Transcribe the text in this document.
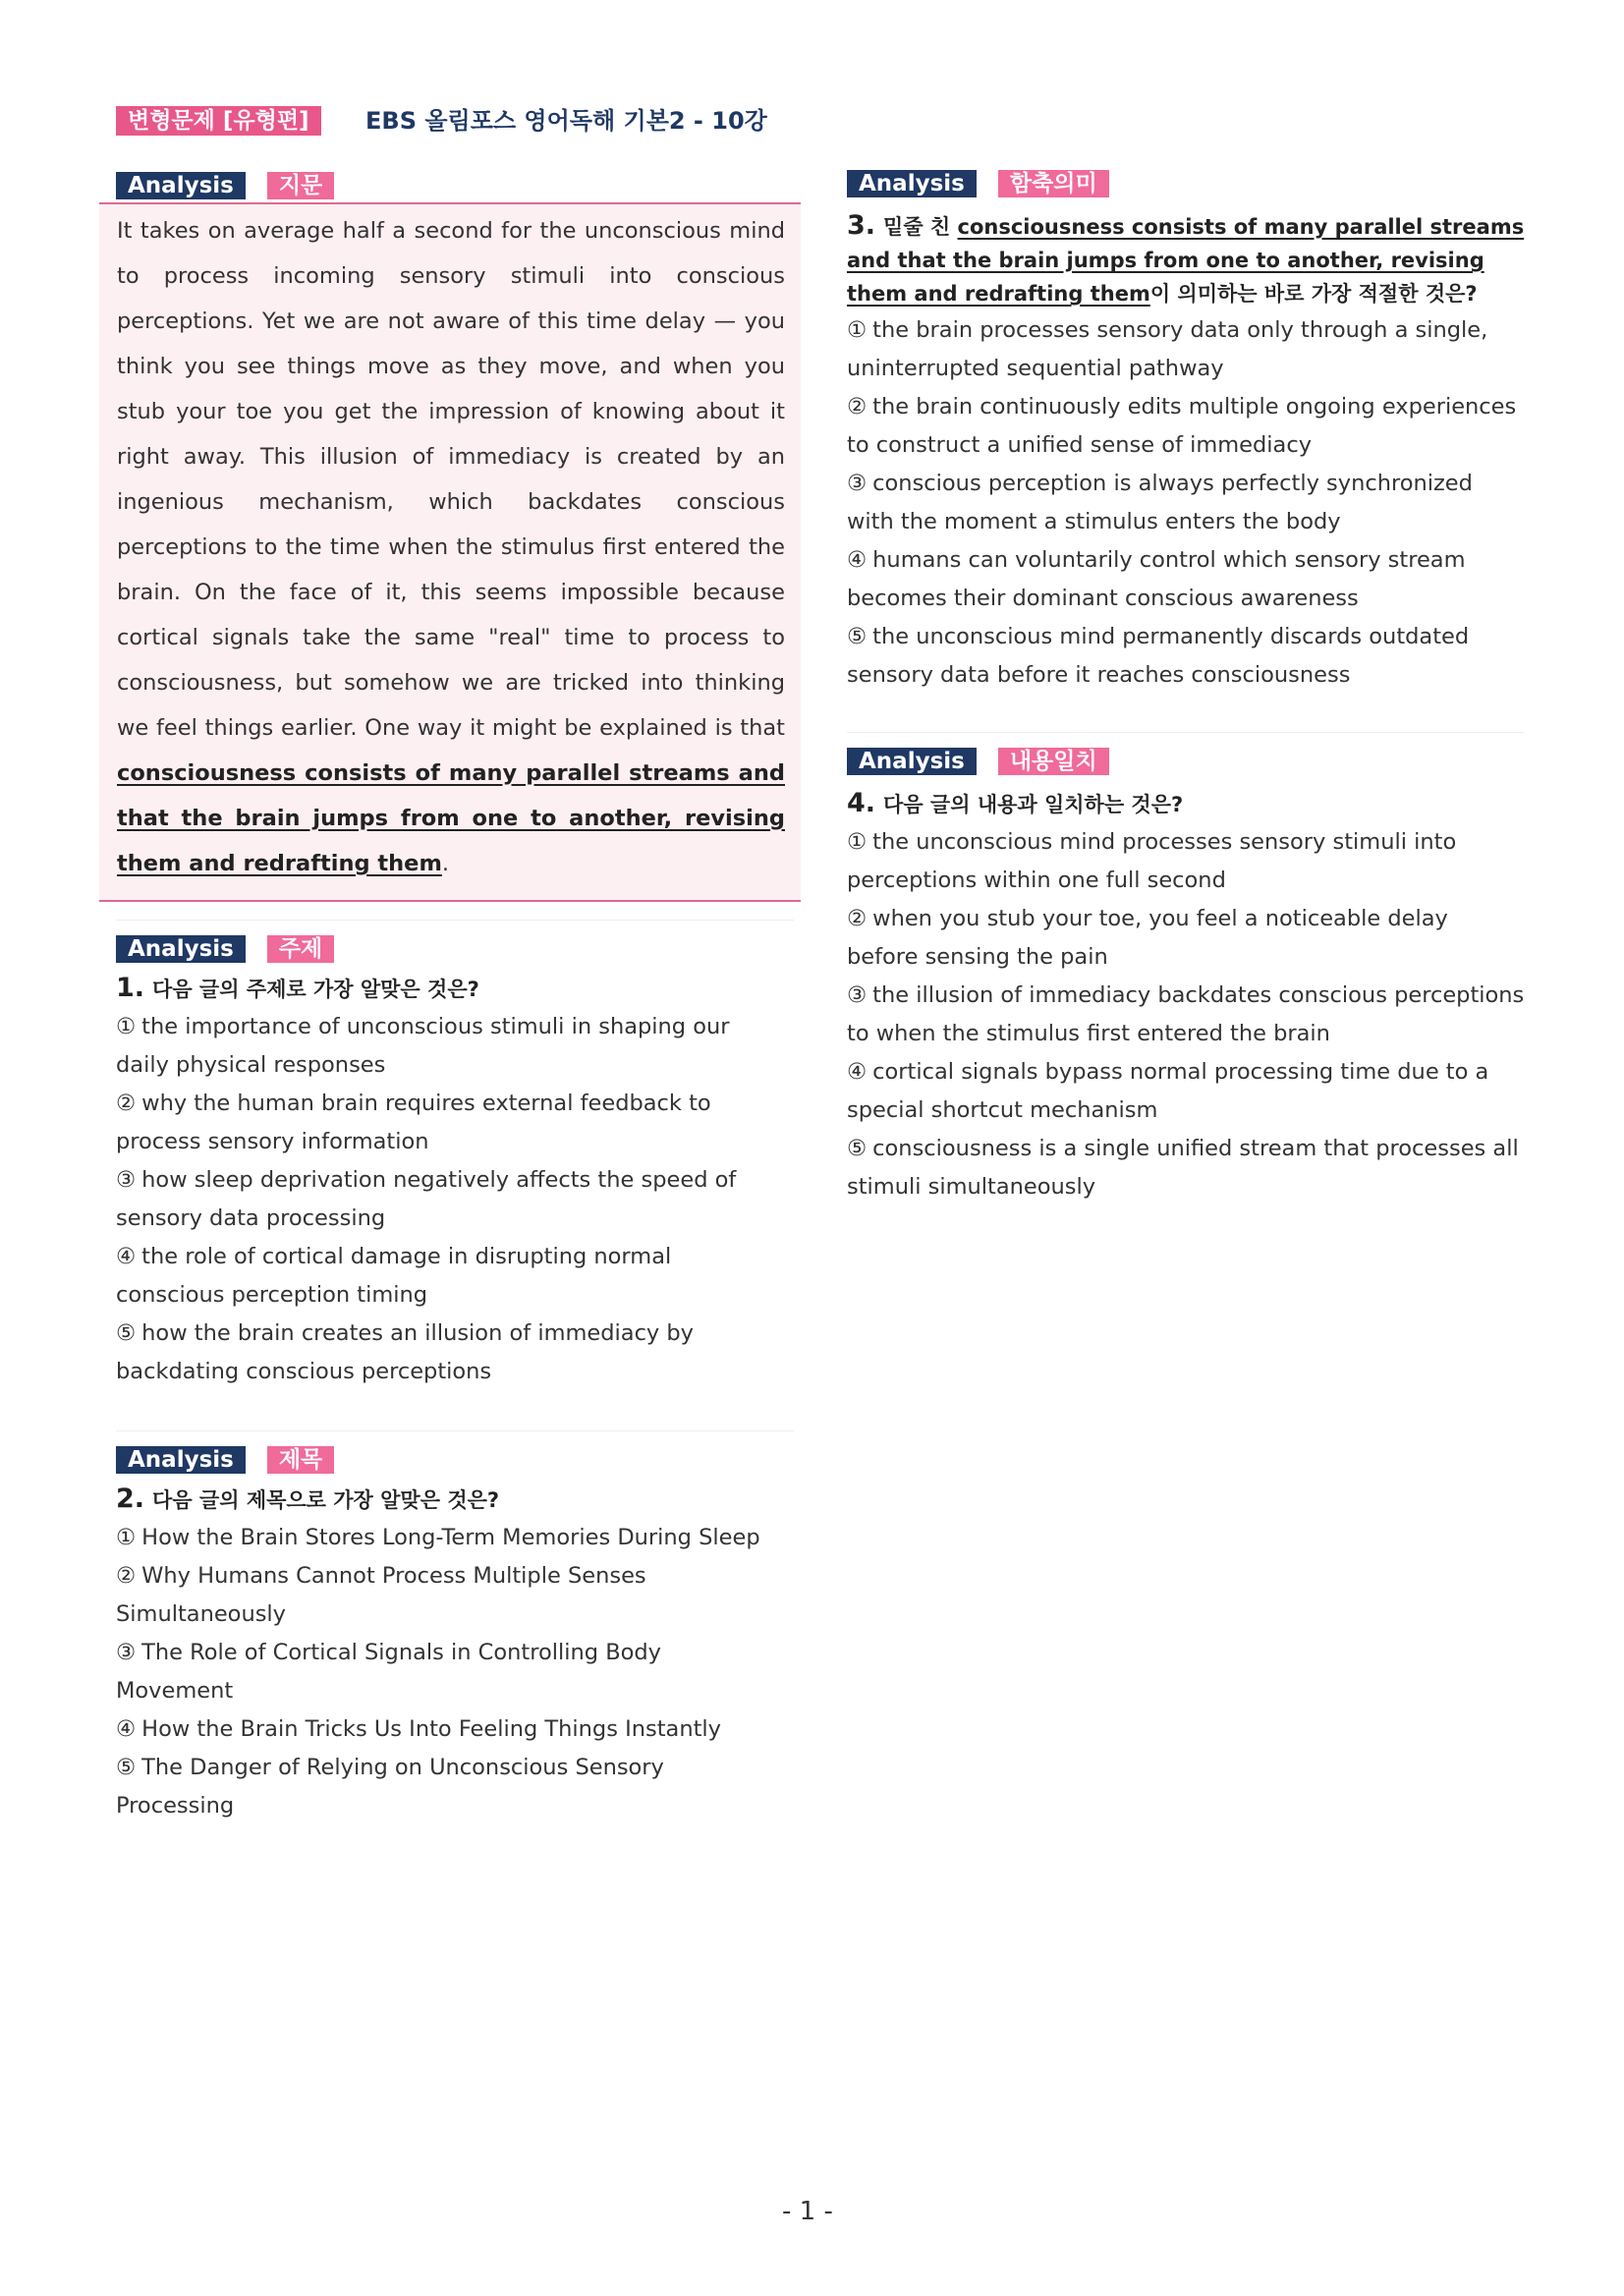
변형문제 [유형편]	EBS 올림포스 영어독해 기본2 - 10강
Analysis	지문

It takes on average half a second for the unconscious mind to process incoming sensory stimuli into conscious perceptions. Yet we are not aware of this time delay — you think you see things move as they move, and when you stub your toe you get the impression of knowing about it right away. This illusion of immediacy is created by an ingenious mechanism, which backdates conscious perceptions to the time when the stimulus first entered the brain. On the face of it, this seems impossible because cortical signals take the same "real" time to process to consciousness, but somehow we are tricked into thinking we feel things earlier. One way it might be explained is that consciousness consists of many parallel streams and that the brain jumps from one to another, revising them and redrafting them.

Analysis	주제
1. 다음 글의 주제로 가장 알맞은 것은?

① the importance of unconscious stimuli in shaping our daily physical responses

② why the human brain requires external feedback to process sensory information

③ how sleep deprivation negatively affects the speed of sensory data processing

④ the role of cortical damage in disrupting normal conscious perception timing

⑤ how the brain creates an illusion of immediacy by backdating conscious perceptions

Analysis	제목
2. 다음 글의 제목으로 가장 알맞은 것은?

① How the Brain Stores Long-Term Memories During Sleep

② Why Humans Cannot Process Multiple Senses Simultaneously

③ The Role of Cortical Signals in Controlling Body Movement

④ How the Brain Tricks Us Into Feeling Things Instantly

⑤ The Danger of Relying on Unconscious Sensory Processing

Analysis	함축의미
3. 밑줄 친 consciousness consists of many parallel streams and that the brain jumps from one to another, revising them and redrafting them이 의미하는 바로 가장 적절한 것은?

① the brain processes sensory data only through a single, uninterrupted sequential pathway

② the brain continuously edits multiple ongoing experiences to construct a unified sense of immediacy

③ conscious perception is always perfectly synchronized with the moment a stimulus enters the body

④ humans can voluntarily control which sensory stream becomes their dominant conscious awareness

⑤ the unconscious mind permanently discards outdated sensory data before it reaches consciousness

Analysis	내용일치
4. 다음 글의 내용과 일치하는 것은?

① the unconscious mind processes sensory stimuli into perceptions within one full second

② when you stub your toe, you feel a noticeable delay before sensing the pain

③ the illusion of immediacy backdates conscious perceptions to when the stimulus first entered the brain

④ cortical signals bypass normal processing time due to a special shortcut mechanism

⑤ consciousness is a single unified stream that processes all stimuli simultaneously

- 1 -
